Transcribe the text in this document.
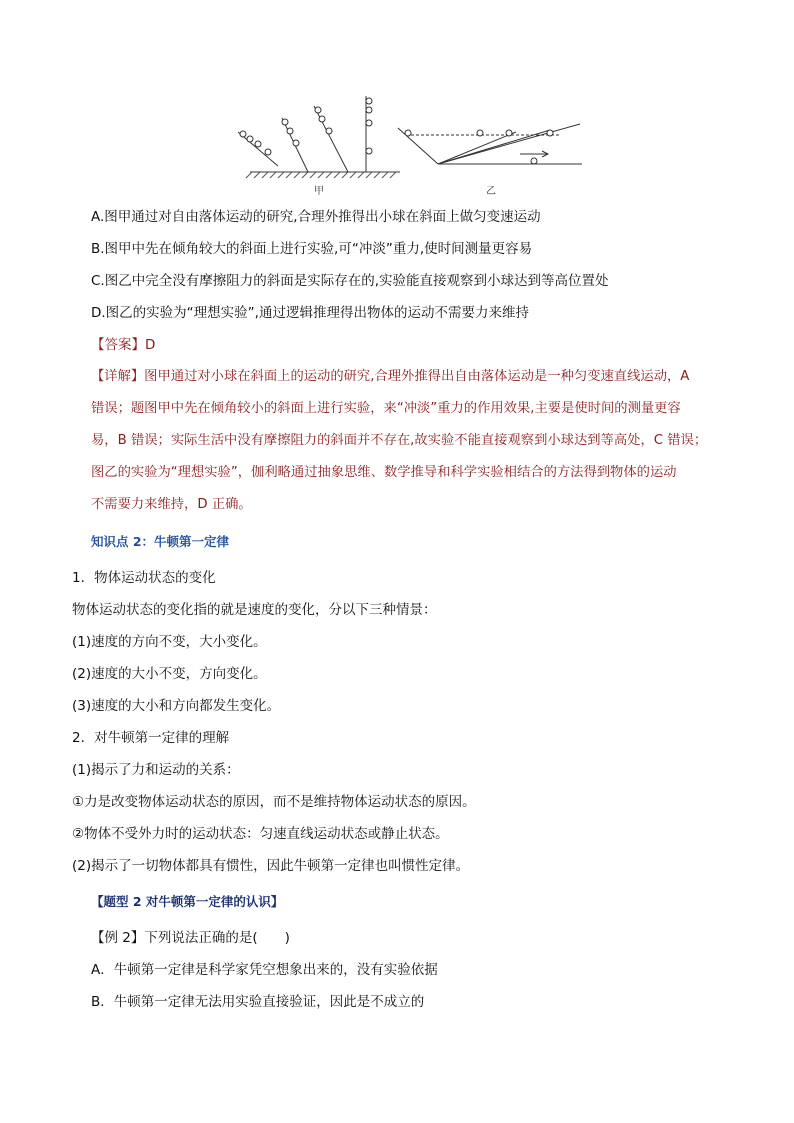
甲	乙
A.图甲通过对自由落体运动的研究,合理外推得出小球在斜面上做匀变速运动
B.图甲中先在倾角较大的斜面上进行实验,可“冲淡”重力,使时间测量更容易
C.图乙中完全没有摩擦阻力的斜面是实际存在的,实验能直接观察到小球达到等高位置处
D.图乙的实验为“理想实验”,通过逻辑推理得出物体的运动不需要力来维持
【答案】D
【详解】图甲通过对小球在斜面上的运动的研究,合理外推得出自由落体运动是一种匀变速直线运动，A
错误；题图甲中先在倾角较小的斜面上进行实验，来“冲淡”重力的作用效果,主要是使时间的测量更容
易，B 错误；实际生活中没有摩擦阻力的斜面并不存在,故实验不能直接观察到小球达到等高处，C 错误；
图乙的实验为“理想实验”，伽利略通过抽象思维、数学推导和科学实验相结合的方法得到物体的运动
不需要力来维持，D 正确。
知识点 2：牛顿第一定律
1．物体运动状态的变化
物体运动状态的变化指的就是速度的变化，分以下三种情景：
(1)速度的方向不变，大小变化。
(2)速度的大小不变，方向变化。
(3)速度的大小和方向都发生变化。
2．对牛顿第一定律的理解
(1)揭示了力和运动的关系：
①力是改变物体运动状态的原因，而不是维持物体运动状态的原因。
②物体不受外力时的运动状态：匀速直线运动状态或静止状态。
(2)揭示了一切物体都具有惯性，因此牛顿第一定律也叫惯性定律。
【题型 2 对牛顿第一定律的认识】
【例 2】下列说法正确的是(　　)
A．牛顿第一定律是科学家凭空想象出来的，没有实验依据
B．牛顿第一定律无法用实验直接验证，因此是不成立的
